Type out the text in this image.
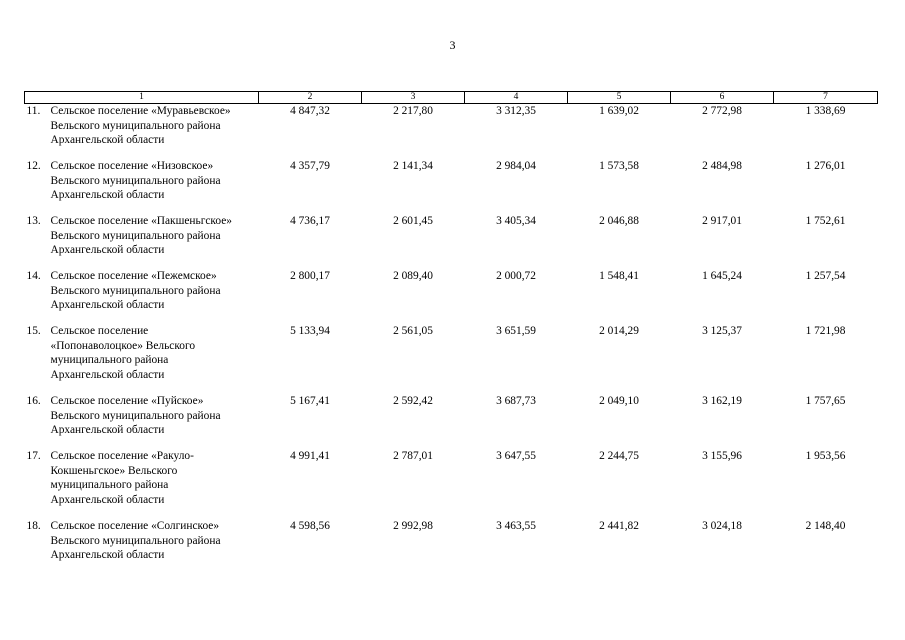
3
1	2	3	4	5	6	7

11. Сельское поселение «Муравьевское»
Вельского муниципального района
Архангельской области	4 847,32	2 217,80	3 312,35	1 639,02	2 772,98	1 338,69

12. Сельское поселение «Низовское»
Вельского муниципального района
Архангельской области	4 357,79	2 141,34	2 984,04	1 573,58	2 484,98	1 276,01

13. Сельское поселение «Пакшеньгское»
Вельского муниципального района
Архангельской области	4 736,17	2 601,45	3 405,34	2 046,88	2 917,01	1 752,61

14. Сельское поселение «Пежемское»
Вельского муниципального района
Архангельской области	2 800,17	2 089,40	2 000,72	1 548,41	1 645,24	1 257,54

15. Сельское поселение
«Попонаволоцкое» Вельского
муниципального района
Архангельской области	5 133,94	2 561,05	3 651,59	2 014,29	3 125,37	1 721,98

16. Сельское поселение «Пуйское»
Вельского муниципального района
Архангельской области	5 167,41	2 592,42	3 687,73	2 049,10	3 162,19	1 757,65

17. Сельское поселение «Ракуло-
Кокшеньгское» Вельского
муниципального района
Архангельской области	4 991,41	2 787,01	3 647,55	2 244,75	3 155,96	1 953,56

18. Сельское поселение «Солгинское»
Вельского муниципального района
Архангельской области	4 598,56	2 992,98	3 463,55	2 441,82	3 024,18	2 148,40
